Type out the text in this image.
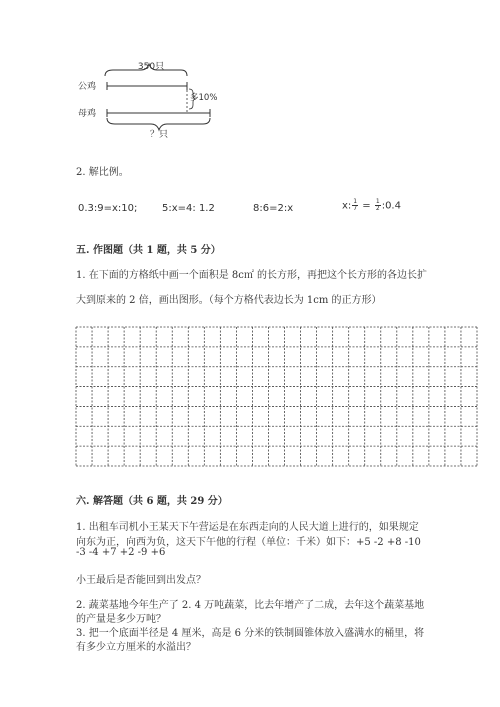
350只
公鸡
母鸡
多10%
？只
2. 解比例。
0.3:9=x:10; 5:x=4: 1.2	8:6=2:x	x: $\frac{1}{7} = \frac{1}{2}$ :0.4
五. 作图题（共 1 题，共 5 分）
1. 在下面的方格纸中画一个面积是 8c㎡ 的长方形，再把这个长方形的各边长扩
大到原来的 2 倍，画出图形。（每个方格代表边长为 1cm 的正方形）
六. 解答题（共 6 题，共 29 分）
1. 出租车司机小王某天下午营运是在东西走向的人民大道上进行的，如果规定
向东为正，向西为负，这天下午他的行程（单位：千米）如下：+5 -2 +8 -10
-3 -4 +7 +2 -9 +6
小王最后是否能回到出发点？
2. 蔬菜基地今年生产了 2. 4 万吨蔬菜，比去年增产了二成，去年这个蔬菜基地
的产量是多少万吨？
3. 把一个底面半径是 4 厘米，高是 6 分米的铁制圆锥体放入盛满水的桶里，将
有多少立方厘米的水溢出？
